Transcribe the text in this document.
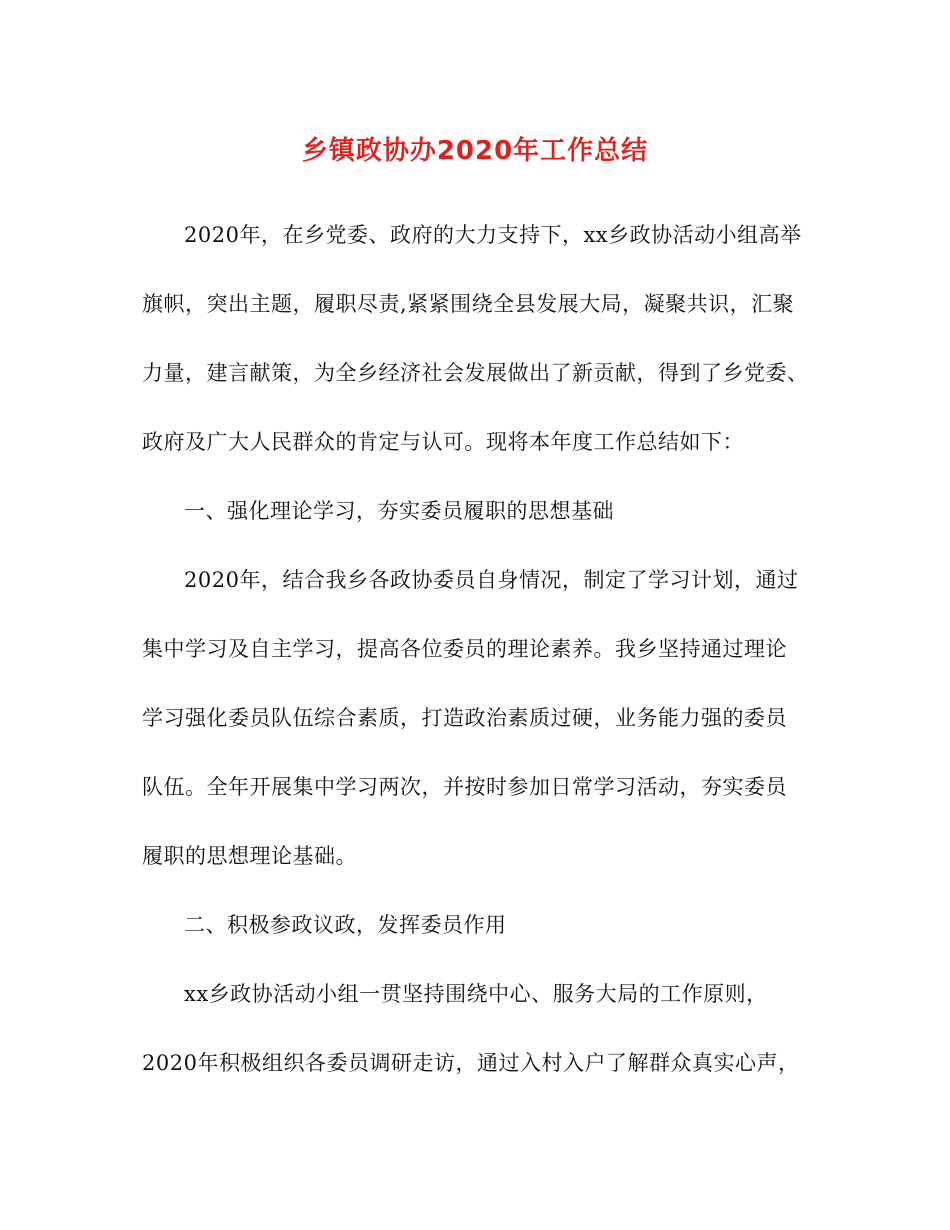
乡镇政协办2020年工作总结
2020年，在乡党委、政府的大力支持下，xx乡政协活动小组高举
旗帜，突出主题，履职尽责,紧紧围绕全县发展大局，凝聚共识，汇聚
力量，建言献策，为全乡经济社会发展做出了新贡献，得到了乡党委、
政府及广大人民群众的肯定与认可。现将本年度工作总结如下：
一、强化理论学习，夯实委员履职的思想基础
2020年，结合我乡各政协委员自身情况，制定了学习计划，通过
集中学习及自主学习，提高各位委员的理论素养。我乡坚持通过理论
学习强化委员队伍综合素质，打造政治素质过硬，业务能力强的委员
队伍。全年开展集中学习两次，并按时参加日常学习活动，夯实委员
履职的思想理论基础。
二、积极参政议政，发挥委员作用
xx乡政协活动小组一贯坚持围绕中心、服务大局的工作原则，
2020年积极组织各委员调研走访，通过入村入户了解群众真实心声，
